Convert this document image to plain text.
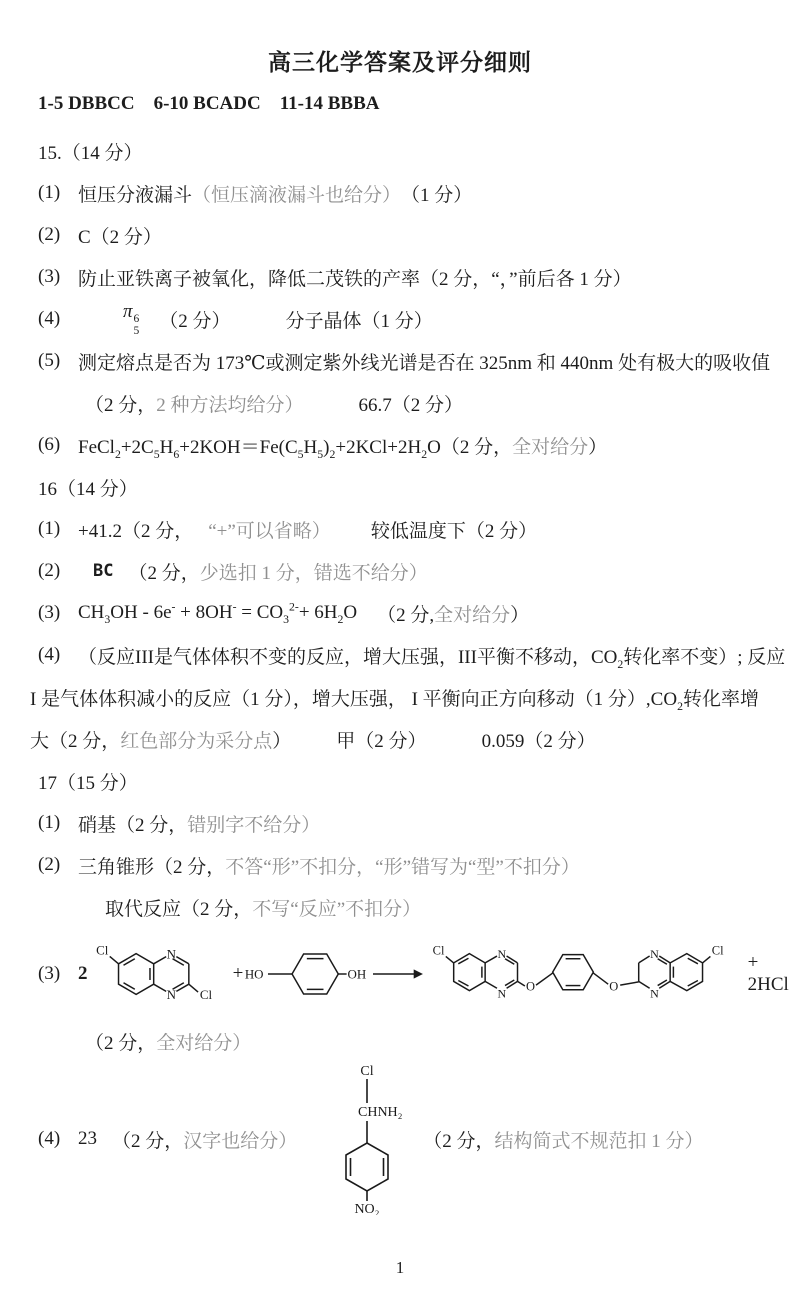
高三化学答案及评分细则
1-5 DBBCC    6-10 BCADC    11-14 BBBA
15.（14 分）
(1) 恒压分液漏斗 （恒压滴液漏斗也给分） （1 分）
(2) C（2 分）
(3) 防止亚铁离子被氧化，降低二茂铁的产率（2 分，“，”前后各 1 分）
(4)	π 6
5 （2 分）	分子晶体（1 分）
(5) 测定熔点是否为 173℃或测定紫外线光谱是否在 325nm 和 440nm 处有极大的吸收值
（2 分， 2 种方法均给分）	66.7（2 分）
(6) $FeCl_2+2C_5H_6+2KOH=Fe(C_5H_5)_2+2KCl+2H_2O$ （2 分， 全对给分 ）
16（14 分）
(1) +41.2（2 分， “+”可以省略） 较低温度下（2 分）
(2)	BC （2 分， 少选扣 1 分，错选不给分）
(3) $CH_3OH - 6e^- + 8OH^- = CO_3^{2-}+ 6H_2O$ （2 分, 全对给分 ）
(4) （反应III是气体体积不变的反应，增大压强，III平衡不移动，$CO_2$转化率不变）; 反应
I 是气体体积减小的反应（1 分），增大压强， I 平衡向正方向移动（1 分）$,CO_2$转化率增
大（2 分， 红色部分为采分点 ） 甲（2 分）	0.059（2 分）
17（15 分）
(1) 硝基（2 分， 错别字不给分）
(2) 三角锥形（2 分， 不答“形”不扣分，“形”错写为“型”不扣分）
取代反应（2 分， 不写“反应”不扣分）
(3) 2
N
N
Cl
Cl
+ HO	OH →
N
N
Cl
O	O
N
N
Cl
+ 2HCl
（2 分， 全对给分）
(4) 23 （2 分， 汉字也给分）
Cl
CHNH₂
NO₂
（2 分， 结构简式不规范扣 1 分）
1
